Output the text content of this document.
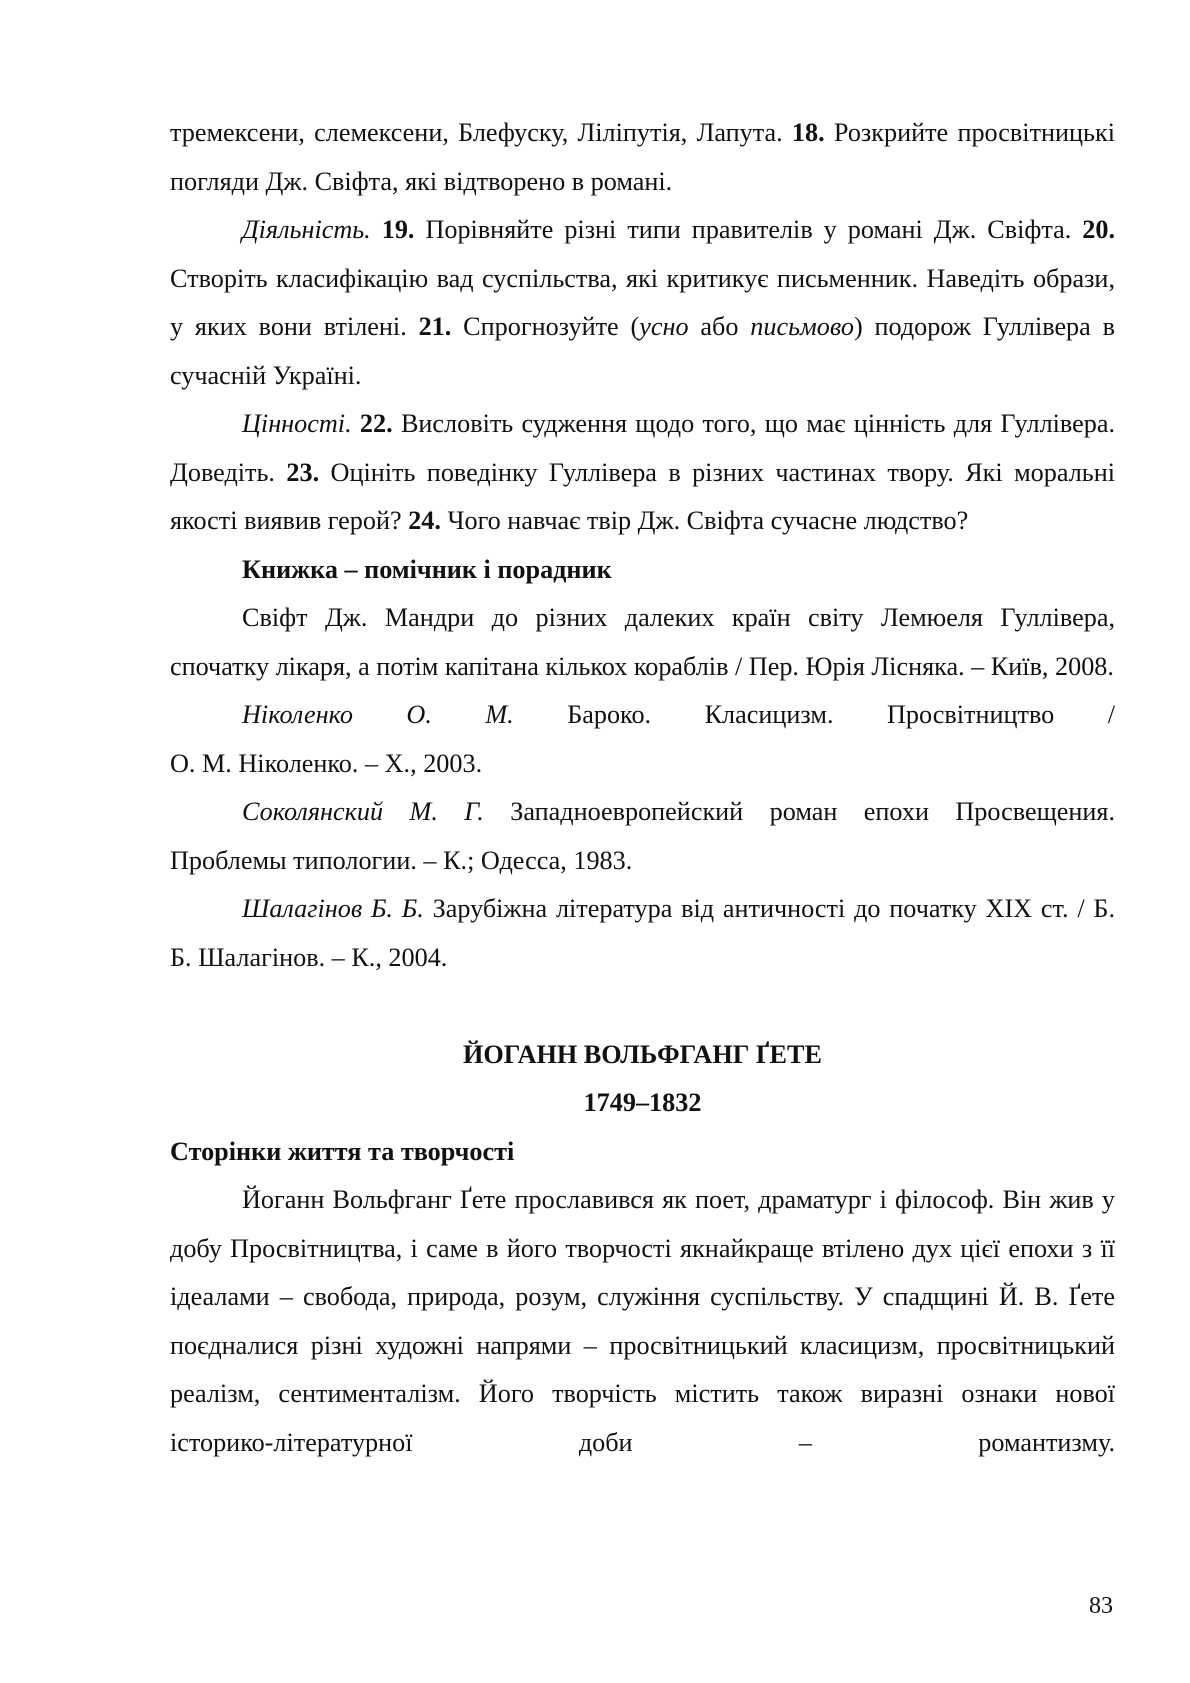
тремексени, слемексени, Блефуску, Ліліпутія, Лапута. 18. Розкрийте просвітницькі погляди Дж. Свіфта, які відтворено в романі.

Діяльність. 19. Порівняйте різні типи правителів у романі Дж. Свіфта. 20. Створіть класифікацію вад суспільства, які критикує письменник. Наведіть образи, у яких вони втілені. 21. Спрогнозуйте (усно або письмово) подорож Гуллівера в сучасній Україні.

Цінності. 22. Висловіть судження щодо того, що має цінність для Гуллівера. Доведіть. 23. Оцініть поведінку Гуллівера в різних частинах твору. Які моральні якості виявив герой? 24. Чого навчає твір Дж. Свіфта сучасне людство?

Книжка – помічник і порадник

Свіфт Дж. Мандри до різних далеких країн світу Лемюеля Гуллівера, спочатку лікаря, а потім капітана кількох кораблів / Пер. Юрія Лісняка. – Київ, 2008.

Ніколенко О. М. Бароко. Класицизм. Просвітництво /

О. М. Ніколенко. – Х., 2003.

Соколянский М. Г. Западноевропейский роман епохи Просвещения. Проблемы типологии. – К.; Одесса, 1983.

Шалагінов Б. Б. Зарубіжна література від античності до початку XIX ст. / Б. Б. Шалагінов. – К., 2004.

ЙОГАНН ВОЛЬФГАНГ ҐЕТЕ

1749–1832

Сторінки життя та творчості

Йоганн Вольфганг Ґете прославився як поет, драматург і філософ. Він жив у добу Просвітництва, і саме в його творчості якнайкраще втілено дух цієї епохи з її ідеалами – свобода, природа, розум, служіння суспільству. У спадщині Й. В. Ґете поєдналися різні художні напрями – просвітницький класицизм, просвітницький реалізм, сентименталізм. Його творчість містить також виразні ознаки нової історико-літературної доби – романтизму.

83
